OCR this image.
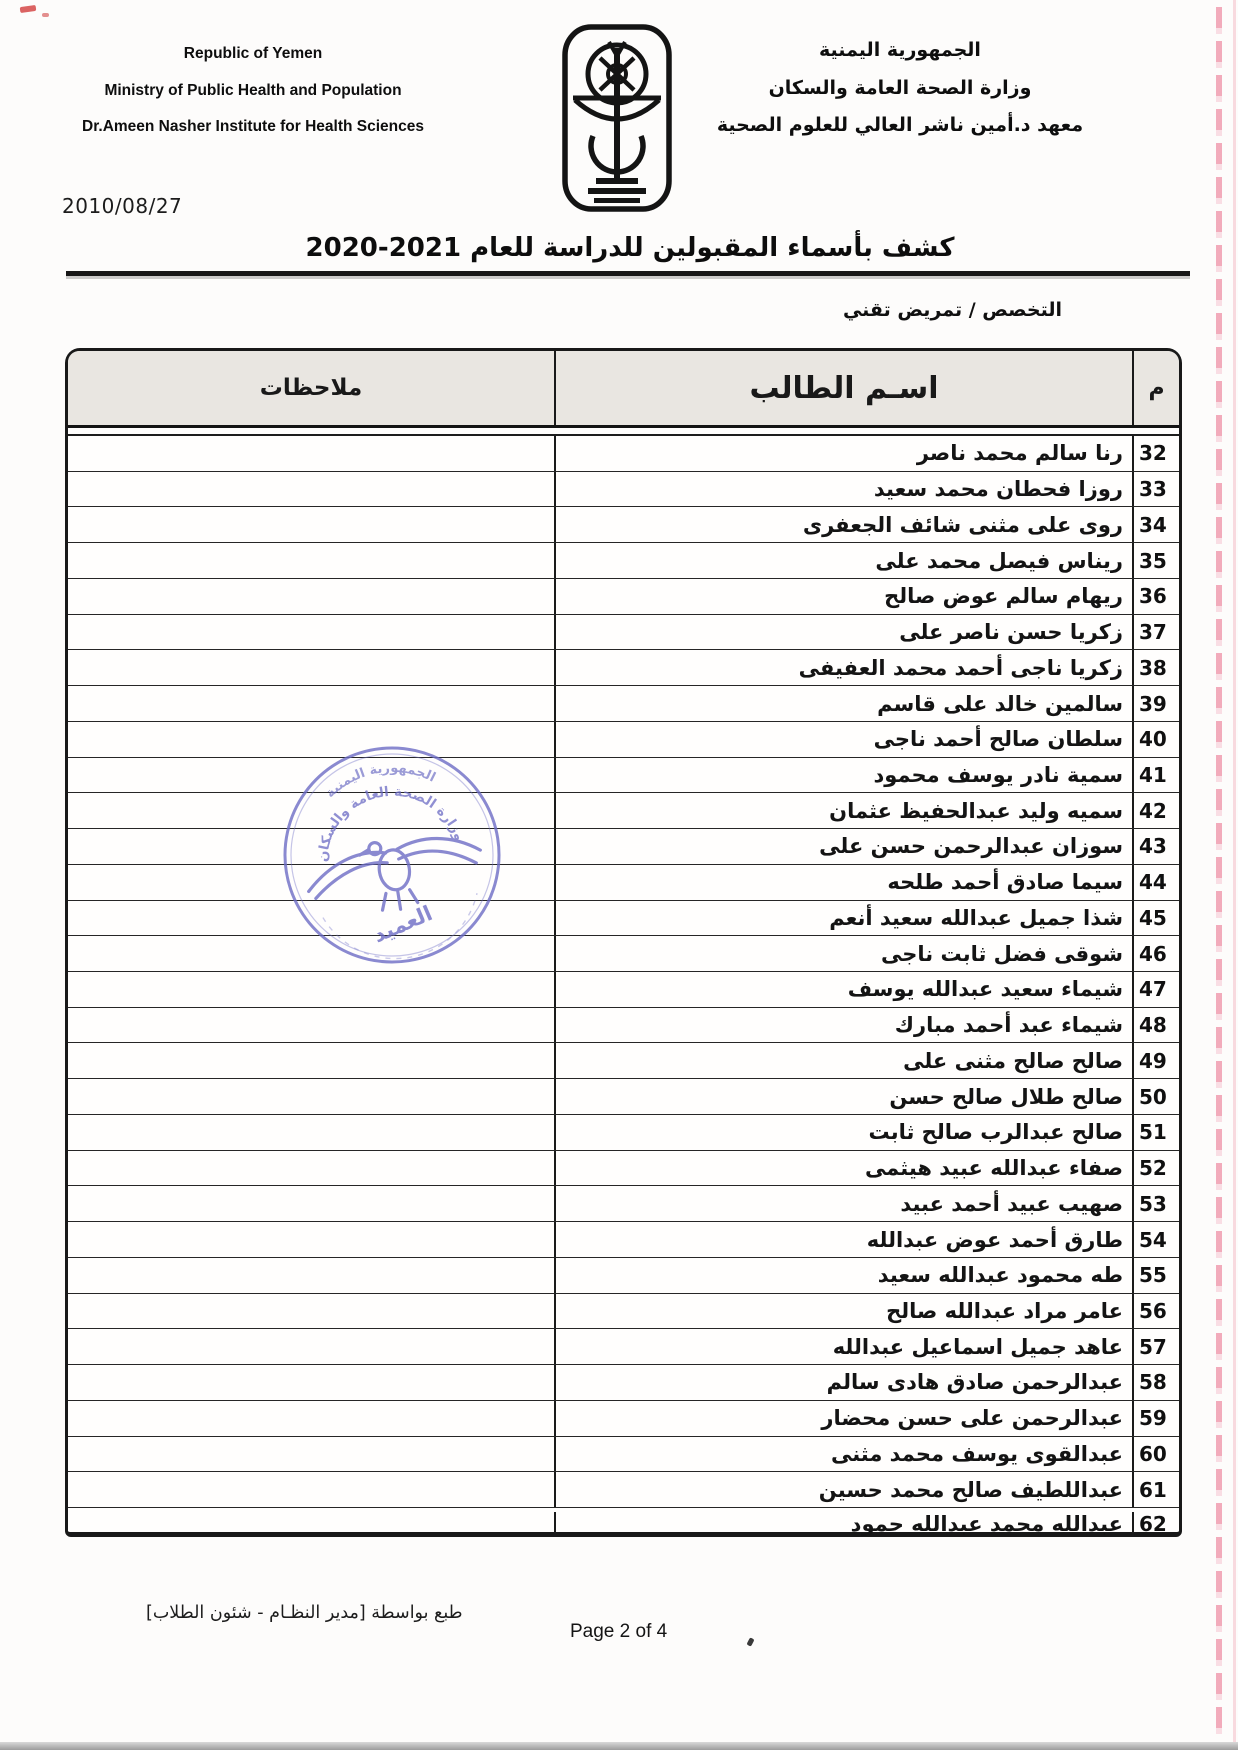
Republic of Yemen
Ministry of Public Health and Population
Dr.Ameen Nasher Institute for Health Sciences
الجمهورية اليمنية
وزارة الصحة العامة والسكان
معهد د.أمين ناشر العالي للعلوم الصحية
2010/08/27
كشف بأسماء المقبولين للدراسة للعام 2021-2020
التخصص / تمريض تقني
ملاحظات	اسـم الطالب	م
رنا سالم محمد ناصر 32
روزا فحطان محمد سعيد 33
روى على مثنى شائف الجعفرى 34
ريناس فيصل محمد على 35
ريهام سالم عوض صالح 36
زكريا حسن ناصر على 37
زكريا ناجى أحمد محمد العفيفى 38
سالمين خالد على قاسم 39
سلطان صالح أحمد ناجى 40
سمية نادر يوسف محمود 41
سميه وليد عبدالحفيظ عثمان 42
سوزان عبدالرحمن حسن على 43
سيما صادق أحمد طلحه 44
شذا جميل عبدالله سعيد أنعم 45
شوقى فضل ثابت ناجى 46
شيماء سعيد عبدالله يوسف 47
شيماء عبد أحمد مبارك 48
صالح صالح مثنى على 49
صالح طلال صالح حسن 50
صالح عبدالرب صالح ثابت 51
صفاء عبدالله عبيد هيثمى 52
صهيب عبيد أحمد عبيد 53
طارق أحمد عوض عبدالله 54
طه محمود عبدالله سعيد 55
عامر مراد عبدالله صالح 56
عاهد جميل اسماعيل عبدالله 57
عبدالرحمن صادق هادى سالم 58
عبدالرحمن على حسن محضار 59
عبدالقوى يوسف محمد مثنى 60
عبداللطيف صالح محمد حسين 61
عبدالله محمد عبدالله حمود 62
الجمهورية اليمنية
وزارة الصحة العامة والسكان
العميد
طبع بواسطة [مدير النظـام - شئون الطلاب]
Page 2 of 4
